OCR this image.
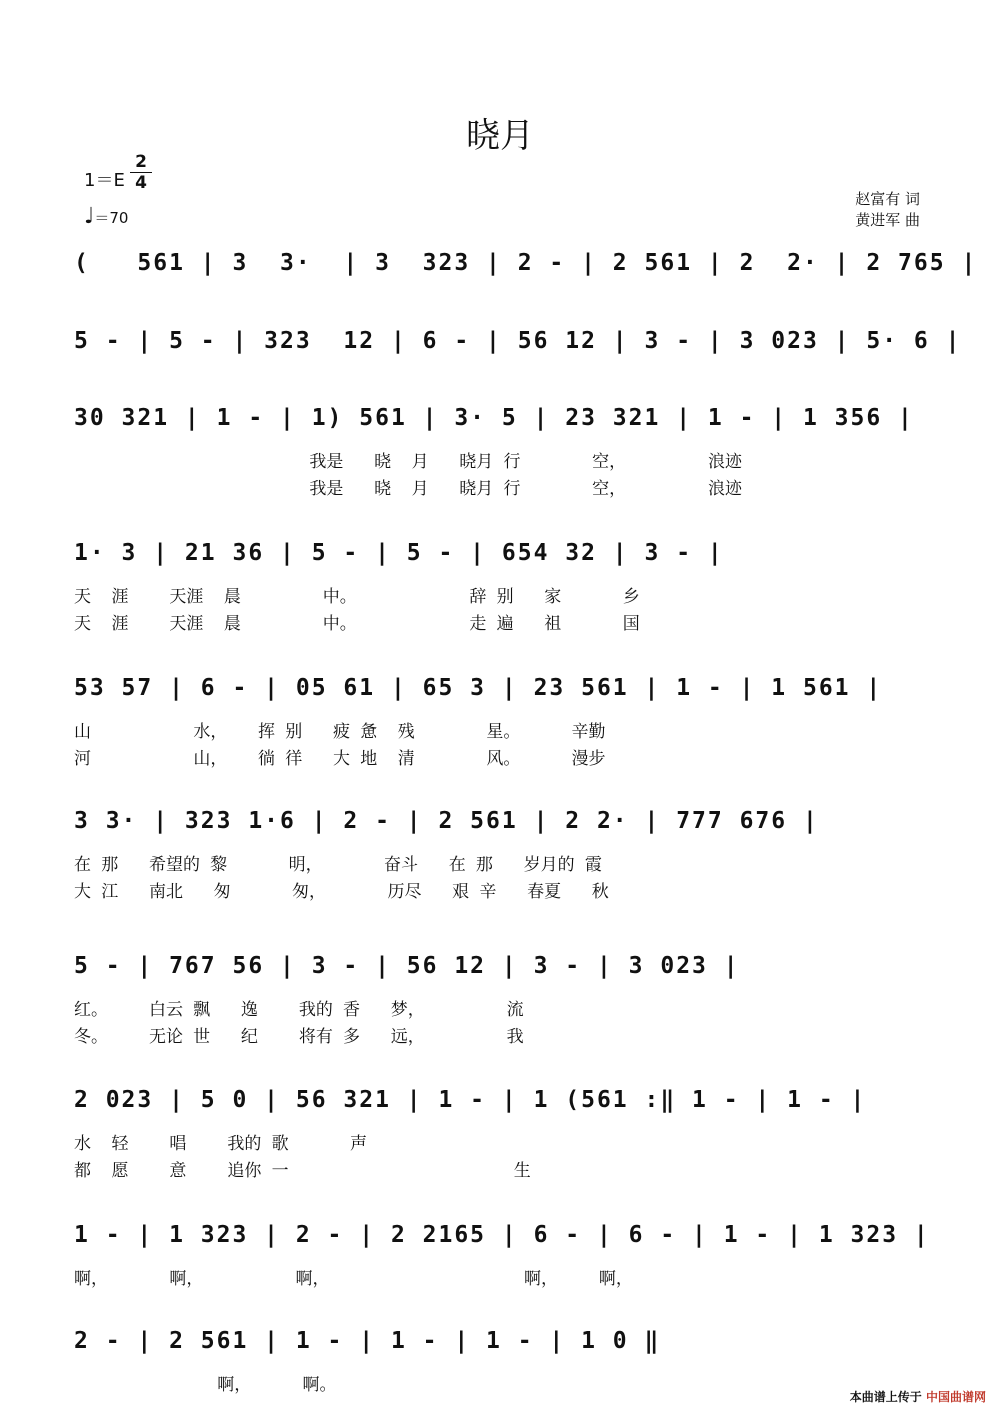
晓月
1＝E
2
4
♩＝70
赵富有 词
黄进军 曲
(   561 | 3  3·  | 3  323 | 2 - | 2 561 | 2  2· | 2 765 |
5 - | 5 - | 323  12 | 6 - | 56 12 | 3 - | 3 023 | 5· 6 |
30 321 | 1 - | 1) 561 | 3· 5 | 23 321 | 1 - | 1 356 |
我是   晓  月   晓月 行       空，        浪迹
我是   晓  月   晓月 行       空，        浪迹
1· 3 | 21 36 | 5 - | 5 - | 654 32 | 3 - |
天  涯    天涯  晨        中。           辞 别   家      乡
天  涯    天涯  晨        中。           走 遍   祖      国
53 57 | 6 - | 05 61 | 65 3 | 23 561 | 1 - | 1 561 |
山          水，   挥 别   疲 惫  残       星。     辛勤
河          山，   徜 徉   大 地  清       风。     漫步
3 3· | 323 1·6 | 2 - | 2 561 | 2 2· | 777 676 |
在 那   希望的 黎      明，      奋斗   在 那   岁月的 霞
大 江   南北   匆      匆，      历尽   艰 辛   春夏   秋
5 - | 767 56 | 3 - | 56 12 | 3 - | 3 023 |
红。    白云 飘   逸    我的 香   梦，        流
冬。    无论 世   纪    将有 多   远，        我
2 023 | 5 0 | 56 321 | 1 - | 1 (561 :‖ 1 - | 1 - |
水  轻    唱    我的 歌      声
都  愿    意    追你 一                      生
1 - | 1 323 | 2 - | 2 2165 | 6 - | 6 - | 1 - | 1 323 |
啊，      啊，         啊，                   啊，    啊，
2 - | 2 561 | 1 - | 1 - | 1 - | 1 0 ‖
啊，     啊。
本曲谱上传于 中国曲谱网
